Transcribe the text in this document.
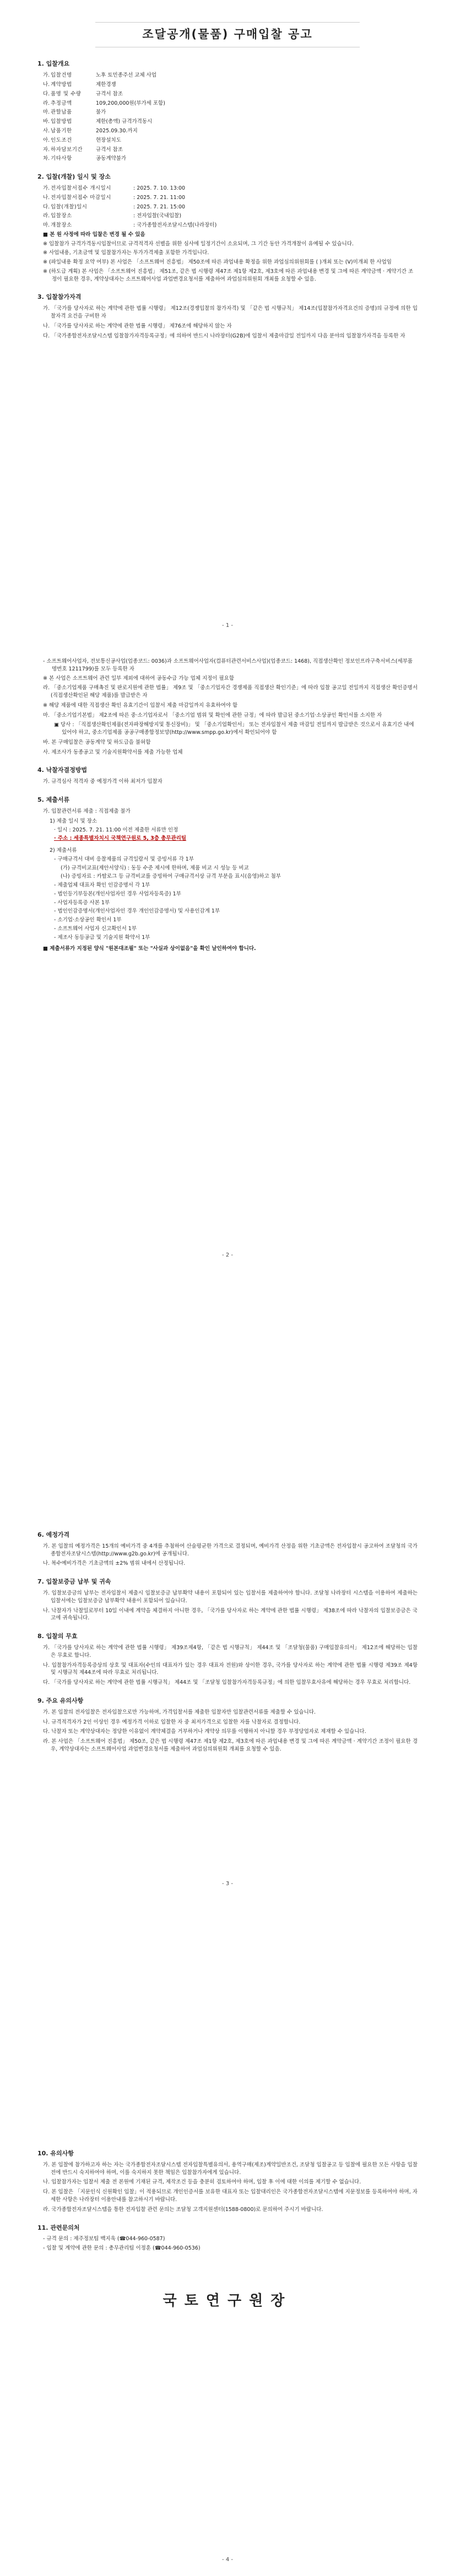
조달공개(물품) 구매입찰 공고
1. 입찰개요
가. 입찰건명	노후 토민종주선 교체 사업
나. 계약방법	제한경쟁
다. 품명 및 수량	규격서 참조
라. 추정금액	109,200,000원(부가세 포함)
마. 관할납품	불가
바. 입찰방법	제한(총액) 규격가격동시
사. 납품기한	2025.09.30.까지
아. 인도조건	현장설치도
자. 하자담보기간	규격서 참조
차. 기타사항	공동계약불가
2. 입찰(개찰) 일시 및 장소
가. 전자입찰서접수 개시일시	: 2025. 7. 10. 13:00
나. 전자입찰서접수 마감일시	: 2025. 7. 21. 11:00
다. 입찰(개찰)일시	: 2025. 7. 21. 15:00
라. 입찰장소	: 전자입찰(국내입찰)
마. 개찰장소	: 국가종합전자조달시스템(나라장터)
■ 본 원 사정에 따라 입찰은 변경 될 수 있음
※ 입찰참가 규격가격동시입찰이므로 규격적격자 선별을 위한 심사에 일정기간이 소요되며, 그 기간 동안 가격개찰이 유예될 수 있습니다.
※ 사업내용, 기초금액 및 입찰참가자는 투가가격제출 포함한 가격입니다.
※ (파일내용 확정 요약 여부) 본 사업은 「소프트웨어 진흥법」 제50조에 따른 과업내용 확정을 위한 과업심의위원회를 ( )개최 또는 (V)미개최 한 사업임
※ (하도급 계획) 본 사업은 「소프트웨어 진흥법」 제51조, 같은 법 시행령 제47조 제1항 제2호, 제3호에 따른 과업내용 변경 및 그에 따른 계약금액 · 계약기간 조정이 필요한 경우, 계약상대자는 소프트웨어사업 과업변경요청서를 제출하여 과업심의위원회 개최를 요청할 수 있음.
3. 입찰참가자격
가. 「국가를 당사자로 하는 계약에 관한 법률 시행령」 제12조(경쟁입찰의 참가자격) 및 「같은 법 시행규칙」 제14조(입찰참가자격요건의 증명)의 규정에 의한 입찰자격 요건을 구비한 자
나. 「국가를 당사자로 하는 계약에 관한 법률 시행령」 제76조에 해당하지 않는 자
다. 「국가종합전자조달시스템 입찰참가자격등록규정」에 의하여 반드시 나라장터(G2B)에 입찰서 제출마감일 전일까지 다음 분야의 입찰참가자격을 등록한 자
- 1 -
- 소프트웨어사업자, 전보통신공사업(업종코드: 0036)과 소프트웨어사업자(컴퓨터관련서비스사업)(업종코드: 1468), 직접생산확인 정보인프라구축서비스(세부품명번호 1211799)를 모두 등록한 자
※ 본 사업은 소프트웨어 관련 일부 제외에 대하여 공동수급 가능 업체 지정이 필요함
라. 「중소기업제품 구매촉진 및 판로지원에 관한 법률」 제9조 및 「중소기업자간 경쟁제품 직접생산 확인기준」에 따라 입찰 공고일 전일까지 직접생산 확인증명서(직접생산확인된 해당 제품)를 발급받은 자
※ 해당 제품에 대한 직접생산 확인 유효기간이 입찰서 제출 마감일까지 유효하여야 함
마. 「중소기업기본법」 제2조에 따른 중·소기업자로서 「중소기업 범위 및 확인에 관한 규정」에 따라 발급된 중소기업·소상공인 확인서를 소지한 자
▣ 당사 : 「직접생산확인제품(전자파장해방지및 통신장비)」 및 「중소기업확인서」 또는 전자입찰서 제출 마감일 전일까지 발급받은 것으로서 유효기간 내에 있어야 하고, 중소기업제품 공공구매종합정보망(http://www.smpp.go.kr)에서 확인되어야 함
바. 본 구매입찰은 공동계약 및 하도급을 불허함
사. 제조사가 동종공고 및 기술지원확약서를 제출 가능한 업체
4. 낙찰자결정방법
가. 규격심사 적격자 중 예정가격 이하 최저가 입찰자
5. 제출서류
가. 입찰관련서류 제출 : 직접제출 불가
1) 제출 일시 및 장소
· 일시 : 2025. 7. 21. 11:00 이전 제출한 서류만 인정
· 주소 : 세종특별자치시 국책연구원로 5, 3층 총무관리팀
2) 제출서류
- 구매규격서 대비 응찰제품의 규격일람서 및 증빙서류 각 1부
(가) 규격비교표(제안서양식) : 동등 수준 제시에 한하며, 제품 비교 시 성능 등 비교
(나) 증빙자료 : 카탈로그 등 규격비교를 증빙하여 구매규격서상 규격 부분을 표시(음영)하고 첨부
- 제출업체 대표자 확인 인감증명서 각 1부
- 법인등기부등본(개인사업자인 경우 사업자등록증) 1부
- 사업자등록증 사본 1부
- 법인인감증명서(개인사업자인 경우 개인인감증명서) 및 사용인감계 1부
- 소기업·소상공인 확인서 1부
- 소프트웨어 사업자 신고확인서 1부
- 제조사 동등공급 및 기술지원 확약서 1부
■ 제출서류가 지정된 양식 "원본대조필" 또는 "사실과 상이없음"을 확인 날인하여야 합니다.
- 2 -
6. 예정가격
가. 본 입찰의 예정가격은 15개의 예비가격 중 4개를 추첨하여 산술평균한 가격으로 결정되며, 예비가격 산정을 위한 기초금액은 전자입찰시 공고하여 조달청의 국가종합전자조달시스템(http://www.g2b.go.kr)에 공개됩니다.
나. 복수예비가격은 기초금액의 ±2% 범위 내에서 산정됩니다.
7. 입찰보증금 납부 및 귀속
가. 입찰보증금의 납부는 전자입찰서 제출시 입찰보증금 납부확약 내용이 포함되어 있는 입찰서를 제출하여야 합니다. 조달청 나라장터 시스템을 이용하여 제출하는 입찰서에는 입찰보증금 납부확약 내용이 포함되어 있습니다.
나. 낙찰자가 낙찰일로부터 10일 이내에 계약을 체결하지 아니한 경우, 「국가를 당사자로 하는 계약에 관한 법률 시행령」 제38조에 따라 낙찰자의 입찰보증금은 국고에 귀속됩니다.
8. 입찰의 무효
가. 「국가를 당사자로 하는 계약에 관한 법률 시행령」 제39조제4항, 「같은 법 시행규칙」 제44조 및 「조달청(물품) 구매입찰유의서」 제12조에 해당하는 입찰은 무효로 합니다.
나. 입찰참가자격등록증상의 상호 및 대표자(수인의 대표자가 있는 경우 대표자 전원)와 상이한 경우, 국가를 당사자로 하는 계약에 관한 법률 시행령 제39조 제4항 및 시행규칙 제44조에 따라 무효로 처리됩니다.
다. 「국가를 당사자로 하는 계약에 관한 법률 시행규칙」 제44조 및 「조달청 입찰참가자격등록규정」에 의한 입찰무효사유에 해당하는 경우 무효로 처리합니다.
9. 주요 유의사항
가. 본 입찰의 전자입찰은 전자입찰으로만 가능하며, 가격입찰서를 제출한 입찰자만 입찰관련서류를 제출할 수 있습니다.
나. 규격적격자가 2인 이상인 경우 예정가격 이하로 입찰한 자 중 최저가격으로 입찰한 자를 낙찰자로 결정합니다.
다. 낙찰자 또는 계약상대자는 정당한 이유없이 계약체결을 거부하거나 계약상 의무를 이행하지 아니할 경우 부정당업자로 제재할 수 있습니다.
라. 본 사업은 「소프트웨어 진흥법」 제50조, 같은 법 시행령 제47조 제1항 제2호, 제3호에 따른 과업내용 변경 및 그에 따른 계약금액 · 계약기간 조정이 필요한 경우, 계약상대자는 소프트웨어사업 과업변경요청서를 제출하여 과업심의위원회 개최를 요청할 수 있음.
- 3 -
10. 유의사항
가. 본 입찰에 참가하고자 하는 자는 국가종합전자조달시스템 전자입찰특별유의서, 용역구매(제조)계약일반조건, 조달청 입찰공고 등 입찰에 필요한 모든 사항을 입찰 전에 반드시 숙지하여야 하며, 이를 숙지하지 못한 책임은 입찰참가자에게 있습니다.
나. 입찰참가자는 입찰서 제출 전 본원에 기재된 규격, 제작조건 등을 충분히 검토하여야 하며, 입찰 후 이에 대한 이의를 제기할 수 없습니다.
다. 본 입찰은 「지문인식 신원확인 입찰」이 적용되므로 개인인증서를 보유한 대표자 또는 입찰대리인은 국가종합전자조달시스템에 지문정보를 등록하여야 하며, 자세한 사항은 나라장터 이용안내를 참고하시기 바랍니다.
라. 국가종합전자조달시스템을 통한 전자입찰 관련 문의는 조달청 고객지원센터(1588-0800)로 문의하여 주시기 바랍니다.
11. 관련문의처
- 규격 문의 : 제주정보팀 백지욱 (☎044-960-0587)
- 입찰 및 계약에 관한 문의 : 총무관리팀 이정훈 (☎044-960-0536)
국토연구원장
- 4 -
